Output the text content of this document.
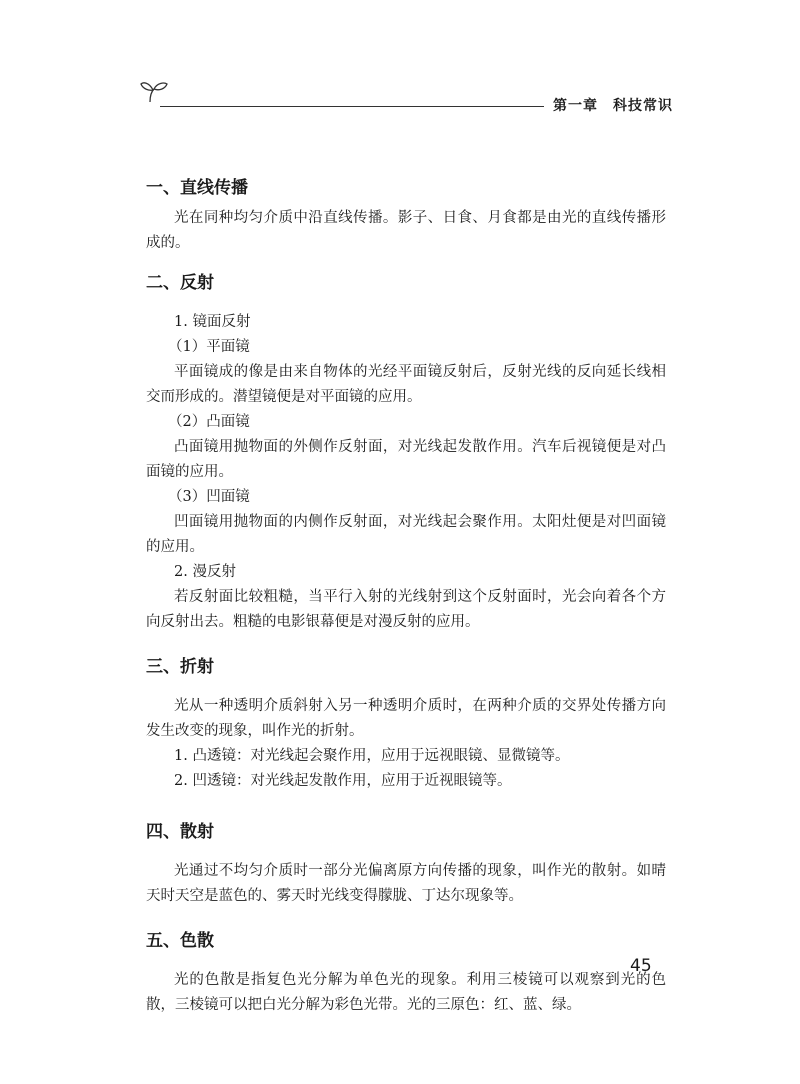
第一章　科技常识
一、直线传播

光在同种均匀介质中沿直线传播。影子、日食、月食都是由光的直线传播形成的。

二、反射

1. 镜面反射

（1）平面镜

平面镜成的像是由来自物体的光经平面镜反射后，反射光线的反向延长线相交而形成的。潜望镜便是对平面镜的应用。

（2）凸面镜

凸面镜用抛物面的外侧作反射面，对光线起发散作用。汽车后视镜便是对凸面镜的应用。

（3）凹面镜

凹面镜用抛物面的内侧作反射面，对光线起会聚作用。太阳灶便是对凹面镜的应用。

2. 漫反射

若反射面比较粗糙，当平行入射的光线射到这个反射面时，光会向着各个方向反射出去。粗糙的电影银幕便是对漫反射的应用。

三、折射

光从一种透明介质斜射入另一种透明介质时，在两种介质的交界处传播方向发生改变的现象，叫作光的折射。

1. 凸透镜：对光线起会聚作用，应用于远视眼镜、显微镜等。

2. 凹透镜：对光线起发散作用，应用于近视眼镜等。

四、散射

光通过不均匀介质时一部分光偏离原方向传播的现象，叫作光的散射。如晴天时天空是蓝色的、雾天时光线变得朦胧、丁达尔现象等。

五、色散

光的色散是指复色光分解为单色光的现象。利用三棱镜可以观察到光的色散，三棱镜可以把白光分解为彩色光带。光的三原色：红、蓝、绿。

45
